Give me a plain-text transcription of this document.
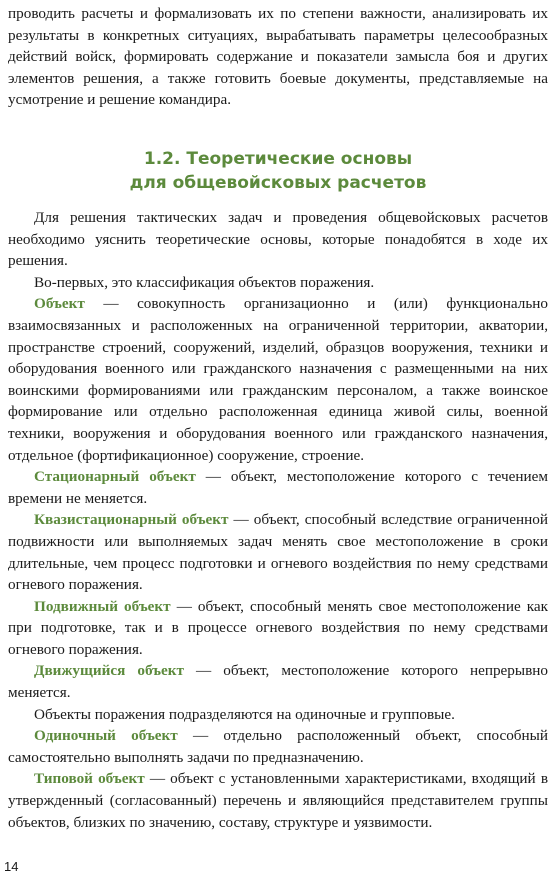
проводить расчеты и формализовать их по степени важности, анализировать их результаты в конкретных ситуациях, вырабатывать параметры целесообразных действий войск, формировать содержание и показатели замысла боя и других элементов решения, а также готовить боевые документы, представляемые на усмотрение и решение командира.

1.2. Теоретические основы
для общевойсковых расчетов

Для решения тактических задач и проведения общевойсковых расчетов необходимо уяснить теоретические основы, которые понадобятся в ходе их решения.

Во-первых, это классификация объектов поражения.

Объект — совокупность организационно и (или) функционально взаимосвязанных и расположенных на ограниченной территории, акватории, пространстве строений, сооружений, изделий, образцов вооружения, техники и оборудования военного или гражданского назначения с размещенными на них воинскими формированиями или гражданским персоналом, а также воинское формирование или отдельно расположенная единица живой силы, военной техники, вооружения и оборудования военного или гражданского назначения, отдельное (фортификационное) сооружение, строение.

Стационарный объект — объект, местоположение которого с течением времени не меняется.

Квазистационарный объект — объект, способный вследствие ограниченной подвижности или выполняемых задач менять свое местоположение в сроки длительные, чем процесс подготовки и огневого воздействия по нему средствами огневого поражения.

Подвижный объект — объект, способный менять свое местоположение как при подготовке, так и в процессе огневого воздействия по нему средствами огневого поражения.

Движущийся объект — объект, местоположение которого непрерывно меняется.

Объекты поражения подразделяются на одиночные и групповые.

Одиночный объект — отдельно расположенный объект, способный самостоятельно выполнять задачи по предназначению.

Типовой объект — объект с установленными характеристиками, входящий в утвержденный (согласованный) перечень и являющийся представителем группы объектов, близких по значению, составу, структуре и уязвимости.

14
